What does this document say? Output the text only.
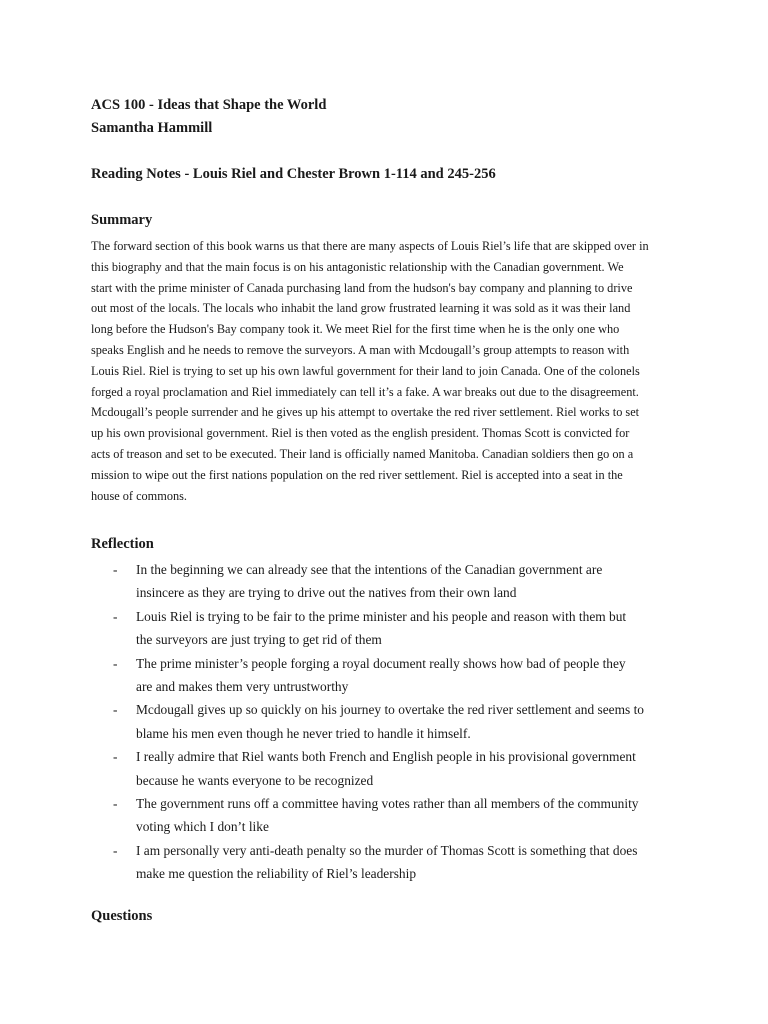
ACS 100 - Ideas that Shape the World
Samantha Hammill
Reading Notes - Louis Riel and Chester Brown 1-114 and 245-256
Summary
The forward section of this book warns us that there are many aspects of Louis Riel’s life that are skipped over in
this biography and that the main focus is on his antagonistic relationship with the Canadian government. We
start with the prime minister of Canada purchasing land from the hudson's bay company and planning to drive
out most of the locals. The locals who inhabit the land grow frustrated learning it was sold as it was their land
long before the Hudson's Bay company took it. We meet Riel for the first time when he is the only one who
speaks English and he needs to remove the surveyors. A man with Mcdougall’s group attempts to reason with
Louis Riel. Riel is trying to set up his own lawful government for their land to join Canada. One of the colonels
forged a royal proclamation and Riel immediately can tell it’s a fake. A war breaks out due to the disagreement.
Mcdougall’s people surrender and he gives up his attempt to overtake the red river settlement. Riel works to set
up his own provisional government. Riel is then voted as the english president. Thomas Scott is convicted for
acts of treason and set to be executed. Their land is officially named Manitoba. Canadian soldiers then go on a
mission to wipe out the first nations population on the red river settlement. Riel is accepted into a seat in the
house of commons.
Reflection
- In the beginning we can already see that the intentions of the Canadian government are
insincere as they are trying to drive out the natives from their own land
- Louis Riel is trying to be fair to the prime minister and his people and reason with them but
the surveyors are just trying to get rid of them
- The prime minister’s people forging a royal document really shows how bad of people they
are and makes them very untrustworthy
- Mcdougall gives up so quickly on his journey to overtake the red river settlement and seems to
blame his men even though he never tried to handle it himself.
- I really admire that Riel wants both French and English people in his provisional government
because he wants everyone to be recognized
- The government runs off a committee having votes rather than all members of the community
voting which I don’t like
- I am personally very anti-death penalty so the murder of Thomas Scott is something that does
make me question the reliability of Riel’s leadership
Questions
